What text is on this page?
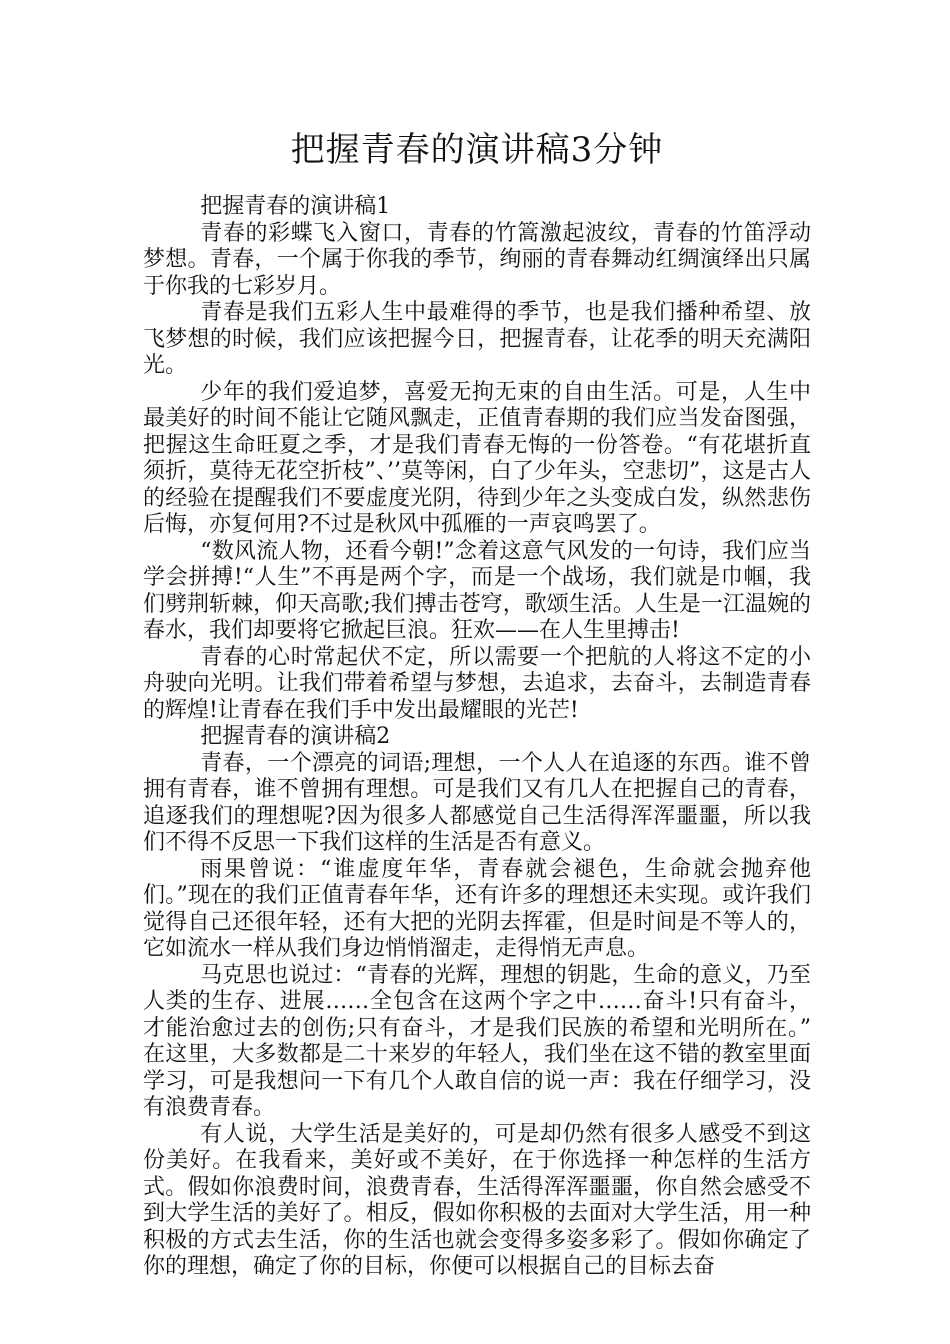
把握青春的演讲稿3分钟

把握青春的演讲稿1

青春的彩蝶飞入窗口，青春的竹篙激起波纹，青春的竹笛浮动梦想。青春，一个属于你我的季节，绚丽的青春舞动红绸演绎出只属于你我的七彩岁月。

青春是我们五彩人生中最难得的季节，也是我们播种希望、放飞梦想的时候，我们应该把握今日，把握青春，让花季的明天充满阳光。

少年的我们爱追梦，喜爱无拘无束的自由生活。可是，人生中最美好的时间不能让它随风飘走，正值青春期的我们应当发奋图强，把握这生命旺夏之季，才是我们青春无悔的一份答卷。“有花堪折直须折，莫待无花空折枝”、’’莫等闲，白了少年头，空悲切”，这是古人的经验在提醒我们不要虚度光阴，待到少年之头变成白发，纵然悲伤后悔，亦复何用?不过是秋风中孤雁的一声哀鸣罢了。

“数风流人物，还看今朝!”念着这意气风发的一句诗，我们应当学会拼搏!“人生”不再是两个字，而是一个战场，我们就是巾帼，我们劈荆斩棘，仰天高歌;我们搏击苍穹，歌颂生活。人生是一江温婉的春水，我们却要将它掀起巨浪。狂欢——在人生里搏击!

青春的心时常起伏不定，所以需要一个把航的人将这不定的小舟驶向光明。让我们带着希望与梦想，去追求，去奋斗，去制造青春的辉煌!让青春在我们手中发出最耀眼的光芒!

把握青春的演讲稿2

青春，一个漂亮的词语;理想，一个人人在追逐的东西。谁不曾拥有青春，谁不曾拥有理想。可是我们又有几人在把握自己的青春，追逐我们的理想呢?因为很多人都感觉自己生活得浑浑噩噩，所以我们不得不反思一下我们这样的生活是否有意义。

雨果曾说：“谁虚度年华，青春就会褪色，生命就会抛弃他们。”现在的我们正值青春年华，还有许多的理想还未实现。或许我们觉得自己还很年轻，还有大把的光阴去挥霍，但是时间是不等人的，它如流水一样从我们身边悄悄溜走，走得悄无声息。

马克思也说过：“青春的光辉，理想的钥匙，生命的意义，乃至人类的生存、进展……全包含在这两个字之中……奋斗!只有奋斗，才能治愈过去的创伤;只有奋斗，才是我们民族的希望和光明所在。” 在这里，大多数都是二十来岁的年轻人，我们坐在这不错的教室里面学习，可是我想问一下有几个人敢自信的说一声：我在仔细学习，没有浪费青春。

有人说，大学生活是美好的，可是却仍然有很多人感受不到这份美好。在我看来，美好或不美好，在于你选择一种怎样的生活方式。假如你浪费时间，浪费青春，生活得浑浑噩噩，你自然会感受不到大学生活的美好了。相反，假如你积极的去面对大学生活，用一种积极的方式去生活，你的生活也就会变得多姿多彩了。假如你确定了你的理想，确定了你的目标，你便可以根据自己的目标去奋
